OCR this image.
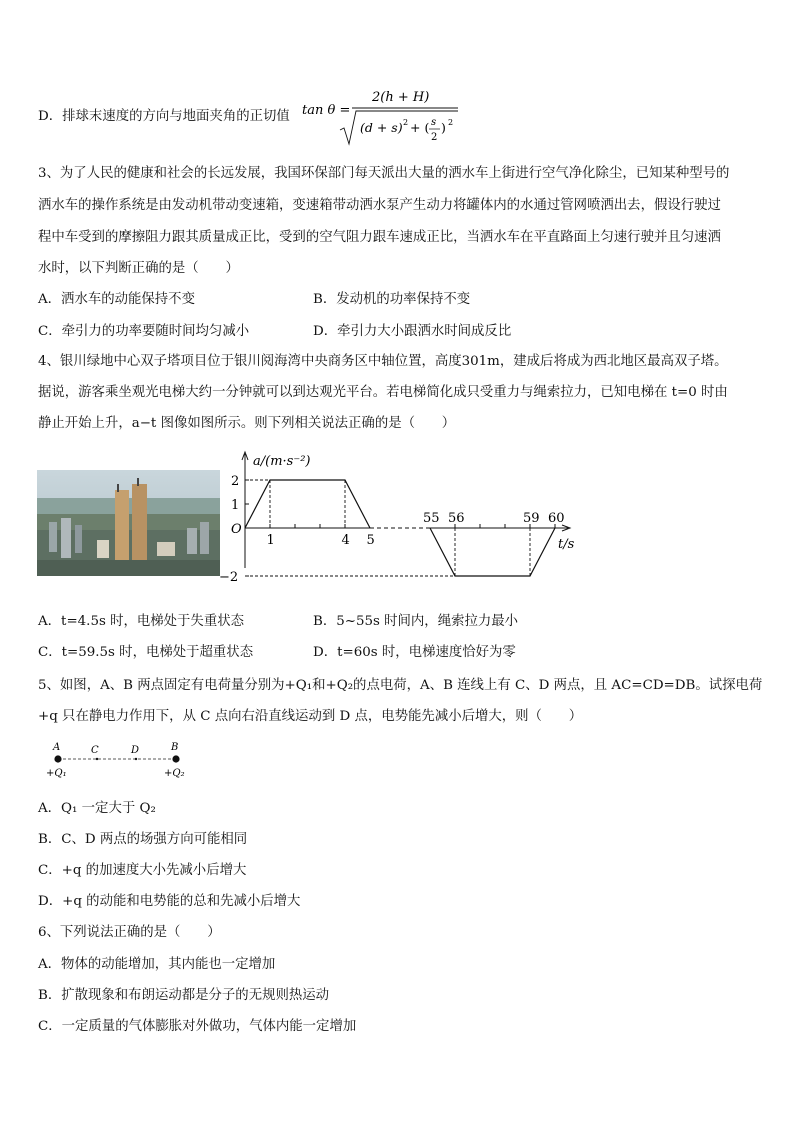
D．排球末速度的方向与地面夹角的正切值 tan θ =
2(h + H)
(d + s) 2 + ( s
2
) 2
3、为了人民的健康和社会的长远发展，我国环保部门每天派出大量的洒水车上街进行空气净化除尘，已知某种型号的
洒水车的操作系统是由发动机带动变速箱，变速箱带动洒水泵产生动力将罐体内的水通过管网喷洒出去，假设行驶过
程中车受到的摩擦阻力跟其质量成正比，受到的空气阻力跟车速成正比，当洒水车在平直路面上匀速行驶并且匀速洒
水时，以下判断正确的是（　　）
A．洒水车的动能保持不变	B．发动机的功率保持不变
C．牵引力的功率要随时间均匀减小	D．牵引力大小跟洒水时间成反比
4、银川绿地中心双子塔项目位于银川阅海湾中央商务区中轴位置，高度301m，建成后将成为西北地区最高双子塔。
据说，游客乘坐观光电梯大约一分钟就可以到达观光平台。若电梯简化成只受重力与绳索拉力，已知电梯在 t=0 时由
静止开始上升，a−t 图像如图所示。则下列相关说法正确的是（　　）
1	4 5
55 56	59 60
2
1
−2
O
a/(m·s⁻²)
t/s
A．t=4.5s 时，电梯处于失重状态	B．5~55s 时间内，绳索拉力最小
C．t=59.5s 时，电梯处于超重状态	D．t=60s 时，电梯速度恰好为零
5、如图，A、B 两点固定有电荷量分别为+Q₁和+Q₂的点电荷，A、B 连线上有 C、D 两点，且 AC=CD=DB。试探电荷
+q 只在静电力作用下，从 C 点向右沿直线运动到 D 点，电势能先减小后增大，则（　　）
A	C	D	B
+Q₁	+Q₂
A．Q₁ 一定大于 Q₂
B．C、D 两点的场强方向可能相同
C．+q 的加速度大小先减小后增大
D．+q 的动能和电势能的总和先减小后增大
6、下列说法正确的是（　　）
A．物体的动能增加，其内能也一定增加
B．扩散现象和布朗运动都是分子的无规则热运动
C．一定质量的气体膨胀对外做功，气体内能一定增加
